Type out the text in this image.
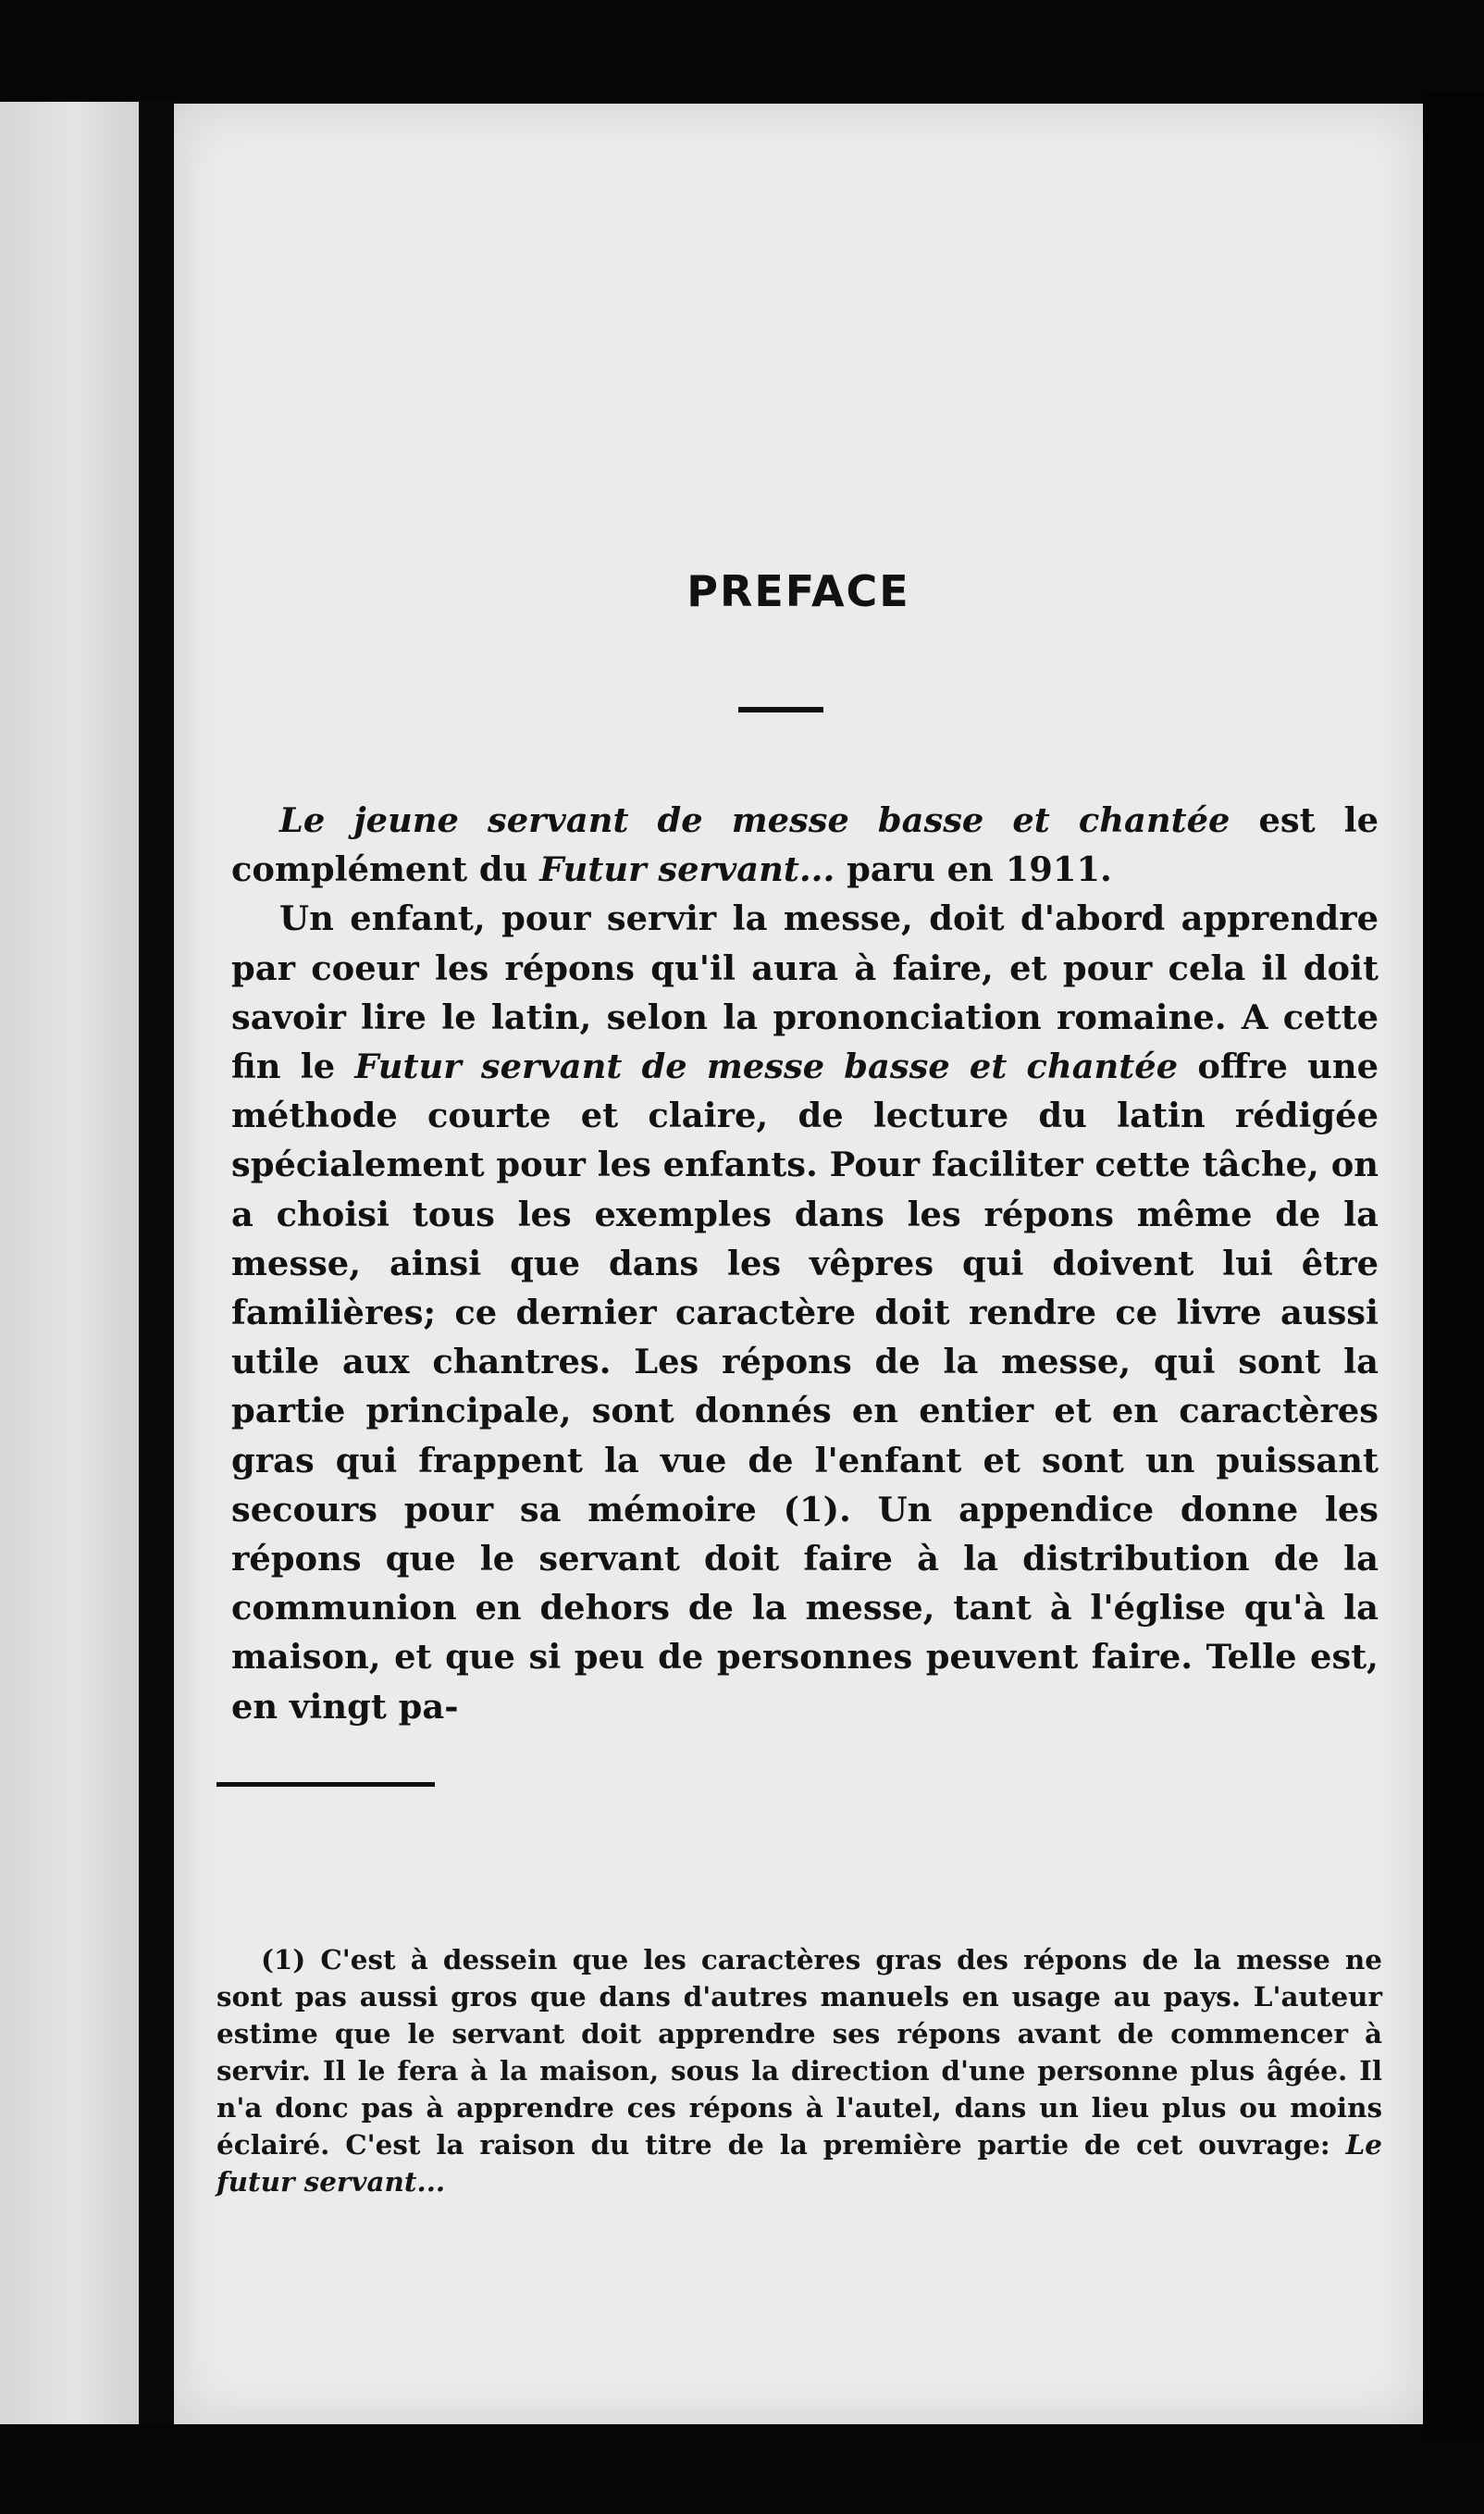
PREFACE

Le jeune servant de messe basse et chantée est le complément du Futur servant... paru en 1911.

Un enfant, pour servir la messe, doit d'abord apprendre par coeur les répons qu'il aura à faire, et pour cela il doit savoir lire le latin, selon la prononciation romaine. A cette fin le Futur servant de messe basse et chantée offre une méthode courte et claire, de lecture du latin rédigée spécialement pour les enfants. Pour faciliter cette tâche, on a choisi tous les exemples dans les répons même de la messe, ainsi que dans les vêpres qui doivent lui être familières; ce dernier caractère doit rendre ce livre aussi utile aux chantres. Les répons de la messe, qui sont la partie principale, sont donnés en entier et en caractères gras qui frappent la vue de l'enfant et sont un puissant secours pour sa mémoire (1). Un appendice donne les répons que le servant doit faire à la distribution de la communion en dehors de la messe, tant à l'église qu'à la maison, et que si peu de personnes peuvent faire. Telle est, en vingt pa-

(1) C'est à dessein que les caractères gras des répons de la messe ne sont pas aussi gros que dans d'autres manuels en usage au pays. L'auteur estime que le servant doit apprendre ses répons avant de commencer à servir. Il le fera à la maison, sous la direction d'une personne plus âgée. Il n'a donc pas à apprendre ces répons à l'autel, dans un lieu plus ou moins éclairé. C'est la raison du titre de la première partie de cet ouvrage: Le futur servant...
